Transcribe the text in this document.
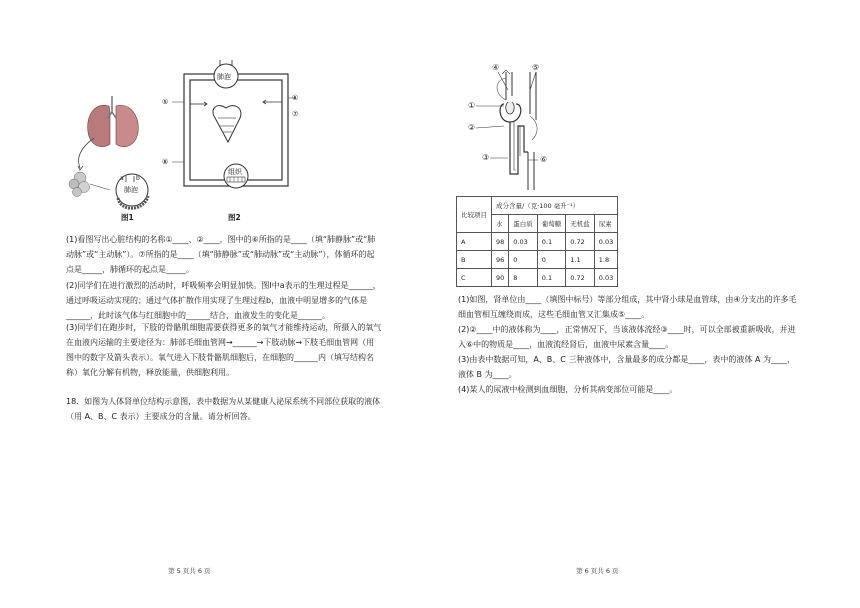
肺泡
a b
图1
肺泡
组织
⑤	⑥
⑦
⑧
图2

(1)看图写出心脏结构的名称①____、②____，图中的⑥所指的是____（填“肺静脉”或“肺动脉”或“主动脉”）。⑦所指的是____（填“肺静脉”或“肺动脉”或“主动脉”），体循环的起点是_____，肺循环的起点是_____。

(2)同学们在进行激烈的活动时，呼吸频率会明显加快。图Ⅰ中a表示的生理过程是______，通过呼吸运动实现的；通过气体扩散作用实现了生理过程b，血液中明显增多的气体是______，此时该气体与红细胞中的______结合，血液发生的变化是______。

(3)同学们在跑步时，下肢的骨骼肌细胞需要获得更多的氧气才能维持运动，所摄入的氧气在血液内运输的主要途径为：肺部毛细血管网→______→下肢动脉→下肢毛细血管网（用图中的数字及箭头表示）。氧气进入下肢骨骼肌细胞后，在细胞的______内（填写结构名称）氧化分解有机物，释放能量，供细胞利用。

18．如图为人体肾单位结构示意图，表中数据为从某健康人泌尿系统不同部位获取的液体（用 A、B、C 表示）主要成分的含量。请分析回答。

第 5 页共 6 页
④	⑤
①
②
③	⑥
比较项目	成分含量/（克·100 毫升⁻¹）				
	水	蛋白质	葡萄糖	无机盐	尿素
A	98	0.03	0.1	0.72	0.03
B	96	0	0	1.1	1.8
C	90	8	0.1	0.72	0.03

(1)如图，肾单位由____（填图中标号）等部分组成，其中肾小球是血管球，由④分支出的许多毛细血管相互缠绕而成，这些毛细血管又汇集成⑤____。

(2)②____中的液体称为____，正常情况下，当该液体流经③____时，可以全部被重新吸收，并进入⑥中的物质是____，血液流经肾后，血液中尿素含量____。

(3)由表中数据可知，A、B、C 三种液体中，含量最多的成分都是____，表中的液体 A 为____，液体 B 为____。

(4)某人的尿液中检测到血细胞，分析其病变部位可能是____。

第 6 页共 6 页
